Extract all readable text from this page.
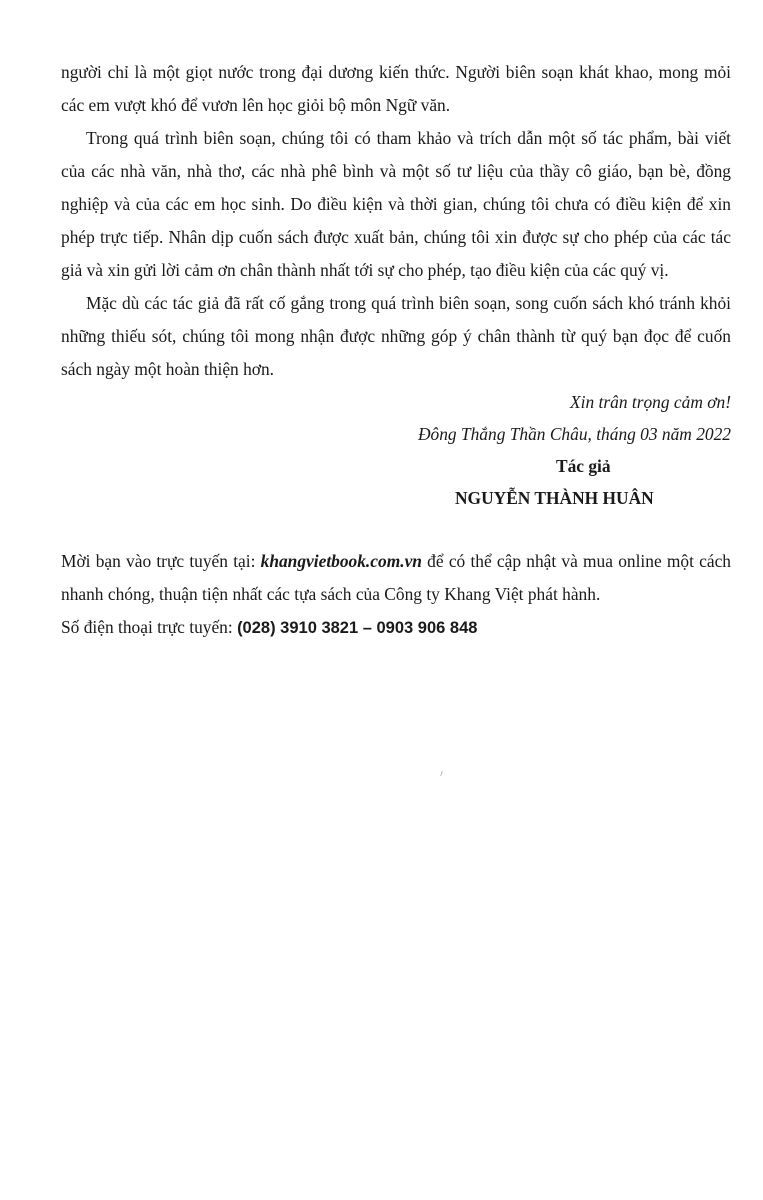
người chỉ là một giọt nước trong đại dương kiến thức. Người biên soạn khát khao, mong mỏi các em vượt khó để vươn lên học giỏi bộ môn Ngữ văn.

Trong quá trình biên soạn, chúng tôi có tham khảo và trích dẫn một số tác phẩm, bài viết của các nhà văn, nhà thơ, các nhà phê bình và một số tư liệu của thầy cô giáo, bạn bè, đồng nghiệp và của các em học sinh. Do điều kiện và thời gian, chúng tôi chưa có điều kiện để xin phép trực tiếp. Nhân dịp cuốn sách được xuất bản, chúng tôi xin được sự cho phép của các tác giả và xin gửi lời cảm ơn chân thành nhất tới sự cho phép, tạo điều kiện của các quý vị.

Mặc dù các tác giả đã rất cố gắng trong quá trình biên soạn, song cuốn sách khó tránh khỏi những thiếu sót, chúng tôi mong nhận được những góp ý chân thành từ quý bạn đọc để cuốn sách ngày một hoàn thiện hơn.

Xin trân trọng cảm ơn!

Đông Thắng Thần Châu, tháng 03 năm 2022

Tác giả

NGUYỄN THÀNH HUÂN

Mời bạn vào trực tuyến tại: khangvietbook.com.vn để có thể cập nhật và mua online một cách nhanh chóng, thuận tiện nhất các tựa sách của Công ty Khang Việt phát hành.

Số điện thoại trực tuyến: (028) 3910 3821 – 0903 906 848
